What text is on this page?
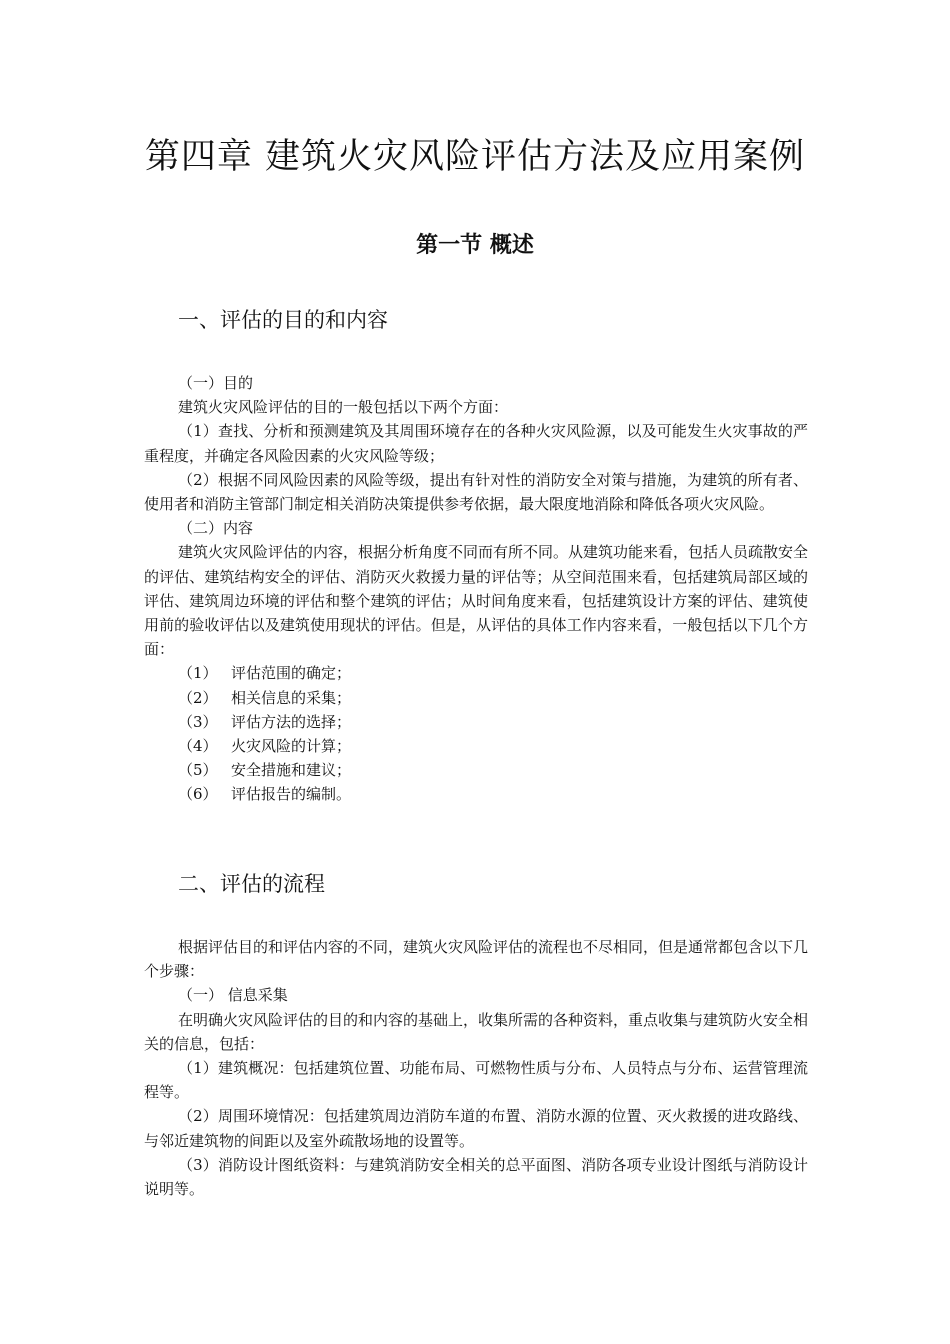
第四章 建筑火灾风险评估方法及应用案例
第一节 概述
一、评估的目的和内容

（一）目的

建筑火灾风险评估的目的一般包括以下两个方面：

（1）查找、分析和预测建筑及其周围环境存在的各种火灾风险源，以及可能发生火灾事故的严重程度，并确定各风险因素的火灾风险等级；

（2）根据不同风险因素的风险等级，提出有针对性的消防安全对策与措施，为建筑的所有者、使用者和消防主管部门制定相关消防决策提供参考依据，最大限度地消除和降低各项火灾风险。

（二）内容

建筑火灾风险评估的内容，根据分析角度不同而有所不同。从建筑功能来看，包括人员疏散安全的评估、建筑结构安全的评估、消防灭火救援力量的评估等；从空间范围来看，包括建筑局部区域的评估、建筑周边环境的评估和整个建筑的评估；从时间角度来看，包括建筑设计方案的评估、建筑使用前的验收评估以及建筑使用现状的评估。但是，从评估的具体工作内容来看，一般包括以下几个方面：

（1） 评估范围的确定；
（2） 相关信息的采集；
（3） 评估方法的选择；
（4） 火灾风险的计算；
（5） 安全措施和建议；
（6） 评估报告的编制。
二、评估的流程

根据评估目的和评估内容的不同，建筑火灾风险评估的流程也不尽相同，但是通常都包含以下几个步骤：

（一） 信息采集

在明确火灾风险评估的目的和内容的基础上，收集所需的各种资料，重点收集与建筑防火安全相关的信息，包括：

（1）建筑概况：包括建筑位置、功能布局、可燃物性质与分布、人员特点与分布、运营管理流程等。

（2）周围环境情况：包括建筑周边消防车道的布置、消防水源的位置、灭火救援的进攻路线、与邻近建筑物的间距以及室外疏散场地的设置等。

（3）消防设计图纸资料：与建筑消防安全相关的总平面图、消防各项专业设计图纸与消防设计说明等。
